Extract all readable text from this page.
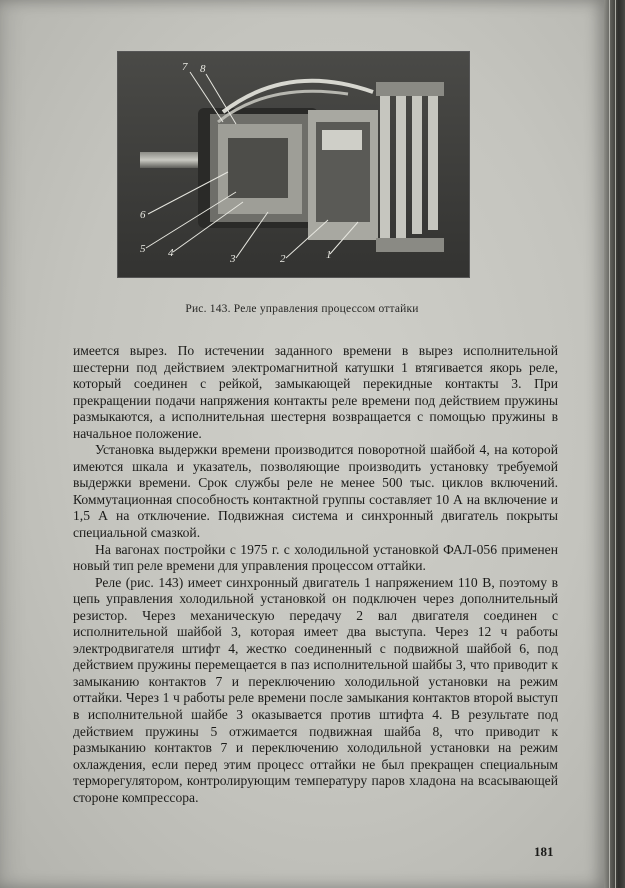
7 8
6
5 4	3	2	1
Рис. 143. Реле управления процессом оттайки

имеется вырез. По истечении заданного времени в вырез исполнительной шестерни под действием электромагнитной катушки 1 втягивается якорь реле, который соединен с рейкой, замыкающей перекидные контакты 3. При прекращении подачи напряжения контакты реле времени под действием пружины размыкаются, а исполнительная шестерня возвращается с помощью пружины в начальное положение.

Установка выдержки времени производится поворотной шайбой 4, на которой имеются шкала и указатель, позволяющие производить установку требуемой выдержки времени. Срок службы реле не менее 500 тыс. циклов включений. Коммутационная способность контактной группы составляет 10 А на включение и 1,5 А на отключение. Подвижная система и синхронный двигатель покрыты специальной смазкой.

На вагонах постройки с 1975 г. с холодильной установкой ФАЛ-056 применен новый тип реле времени для управления процессом оттайки.

Реле (рис. 143) имеет синхронный двигатель 1 напряжением 110 В, поэтому в цепь управления холодильной установкой он подключен через дополнительный резистор. Через механическую передачу 2 вал двигателя соединен с исполнительной шайбой 3, которая имеет два выступа. Через 12 ч работы электродвигателя штифт 4, жестко соединенный с подвижной шайбой 6, под действием пружины перемещается в паз исполнительной шайбы 3, что приводит к замыканию контактов 7 и переключению холодильной установки на режим оттайки. Через 1 ч работы реле времени после замыкания контактов второй выступ в исполнительной шайбе 3 оказывается против штифта 4. В результате под действием пружины 5 отжимается подвижная шайба 8, что приводит к размыканию контактов 7 и переключению холодильной установки на режим охлаждения, если перед этим процесс оттайки не был прекращен специальным терморегулятором, контролирующим температуру паров хладона на всасывающей стороне компрессора.

181
